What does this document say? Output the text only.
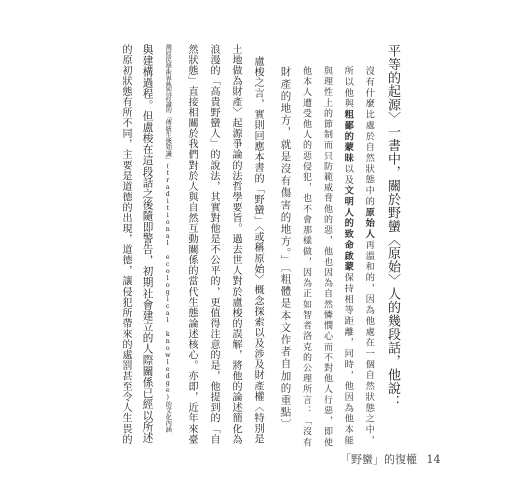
平等的起源〉一書中，關於野蠻〈原始〉人的幾段話，他說：
沒有什麼比處於自然狀態中的原始人再溫和的，因為他處在一個自然狀態之中，
所以他與粗鄙的蒙昧以及文明人的致命啟蒙保持相等距離，同時，他因為他本能
與理性上的節制而只防範威脅他的惡，他也因為自然憐憫心而不對他人行惡，即使
他本人遭受他人的惡侵犯，也不會那樣做，因為正如智者洛克的公理所言：「沒有
財產的地方，就是沒有傷害的地方。」〔粗體是本文作者自加的重點〕
盧梭之言，實則回應本書的「野蠻」〈或稱原始〉概念探索以及涉及財產權〈特別是
土地做為財產〉起源爭論的法哲學要旨。過去世人對於盧梭的誤解，將他的論述簡化為
浪漫的「高貴野蠻人」的說法，其實對他是不公平的，更值得注意的是，他提到的「自
然狀態」直接相關於我們對於人與自然互動關係的當代生態論述核心。亦即，近年來臺
灣原民學術界熱烈討論的「傳統生態知識」(traditional ecological knowledge)的文化內涵
與建構過程。但盧梭在這段話之後隨即警告，初期社會建立的人際關係已經以所述
的原初狀態有所不同，主要是道德的出現，道德，讓侵犯所帶來的處罰甚至令人生畏的
「野蠻」的復權 14
